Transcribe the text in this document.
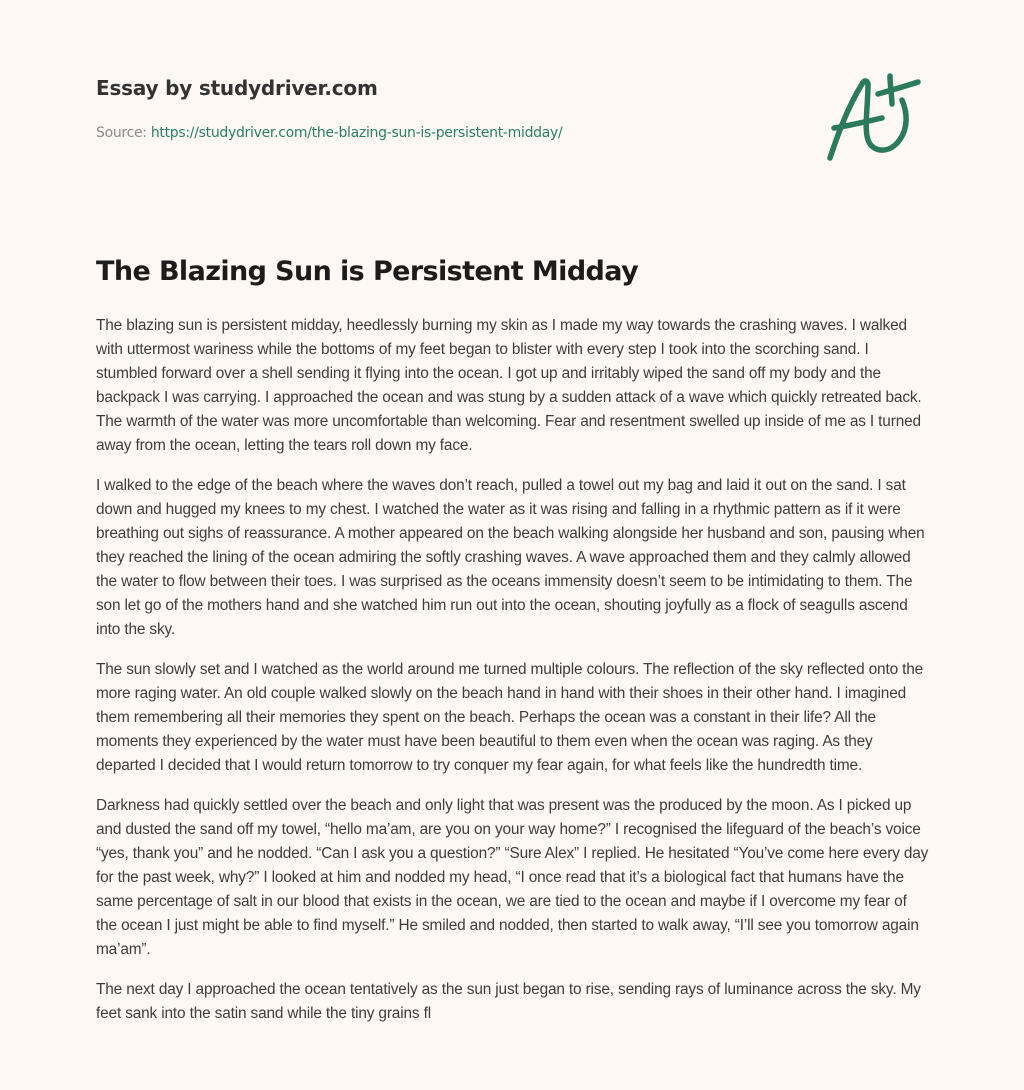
Essay by studydriver.com
Source: https://studydriver.com/the-blazing-sun-is-persistent-midday/
The Blazing Sun is Persistent Midday

The blazing sun is persistent midday, heedlessly burning my skin as I made my way towards the crashing waves. I walked with uttermost wariness while the bottoms of my feet began to blister with every step I took into the scorching sand. I stumbled forward over a shell sending it flying into the ocean. I got up and irritably wiped the sand off my body and the backpack I was carrying. I approached the ocean and was stung by a sudden attack of a wave which quickly retreated back. The warmth of the water was more uncomfortable than welcoming. Fear and resentment swelled up inside of me as I turned away from the ocean, letting the tears roll down my face.

I walked to the edge of the beach where the waves don’t reach, pulled a towel out my bag and laid it out on the sand. I sat down and hugged my knees to my chest. I watched the water as it was rising and falling in a rhythmic pattern as if it were breathing out sighs of reassurance. A mother appeared on the beach walking alongside her husband and son, pausing when they reached the lining of the ocean admiring the softly crashing waves. A wave approached them and they calmly allowed the water to flow between their toes. I was surprised as the oceans immensity doesn’t seem to be intimidating to them. The son let go of the mothers hand and she watched him run out into the ocean, shouting joyfully as a flock of seagulls ascend into the sky.

The sun slowly set and I watched as the world around me turned multiple colours. The reflection of the sky reflected onto the more raging water. An old couple walked slowly on the beach hand in hand with their shoes in their other hand. I imagined them remembering all their memories they spent on the beach. Perhaps the ocean was a constant in their life? All the moments they experienced by the water must have been beautiful to them even when the ocean was raging. As they departed I decided that I would return tomorrow to try conquer my fear again, for what feels like the hundredth time.

Darkness had quickly settled over the beach and only light that was present was the produced by the moon. As I picked up and dusted the sand off my towel, “hello ma’am, are you on your way home?” I recognised the lifeguard of the beach’s voice “yes, thank you” and he nodded. “Can I ask you a question?” “Sure Alex” I replied. He hesitated “You’ve come here every day for the past week, why?” I looked at him and nodded my head, “I once read that it’s a biological fact that humans have the same percentage of salt in our blood that exists in the ocean, we are tied to the ocean and maybe if I overcome my fear of the ocean I just might be able to find myself.” He smiled and nodded, then started to walk away, “I’ll see you tomorrow again ma’am”.

The next day I approached the ocean tentatively as the sun just began to rise, sending rays of luminance across the sky. My feet sank into the satin sand while the tiny grains fl
